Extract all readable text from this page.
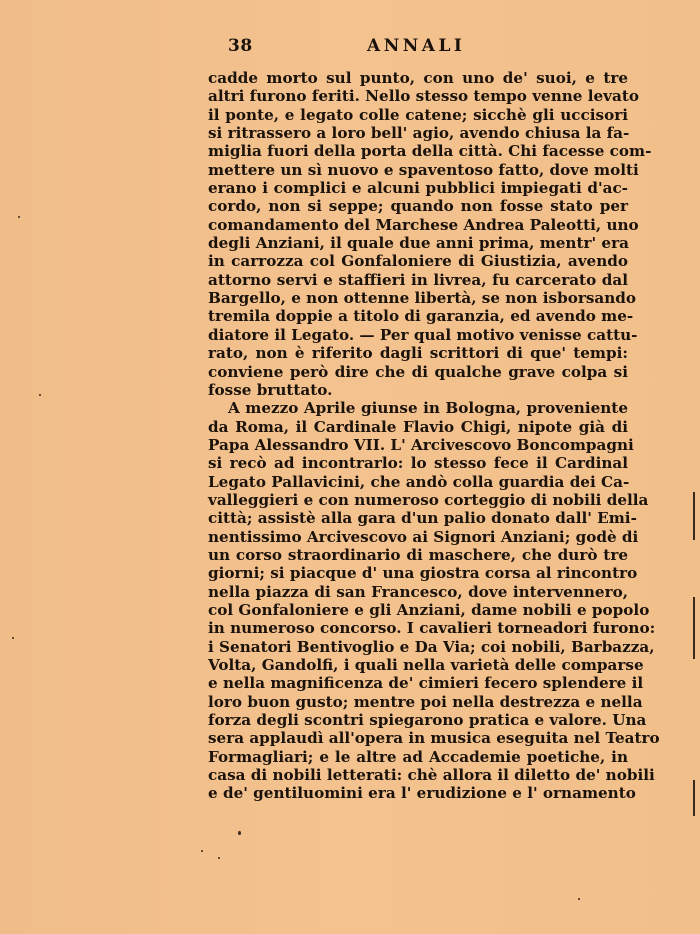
38	ANNALI
cadde morto sul punto, con uno de' suoi, e tre
altri furono feriti. Nello stesso tempo venne levato
il ponte, e legato colle catene; sicchè gli uccisori
si ritrassero a loro bell' agio, avendo chiusa la fa-
miglia fuori della porta della città. Chi facesse com-
mettere un sì nuovo e spaventoso fatto, dove molti
erano i complici e alcuni pubblici impiegati d'ac-
cordo, non si seppe; quando non fosse stato per
comandamento del Marchese Andrea Paleotti, uno
degli Anziani, il quale due anni prima, mentr' era
in carrozza col Gonfaloniere di Giustizia, avendo
attorno servi e staffieri in livrea, fu carcerato dal
Bargello, e non ottenne libertà, se non isborsando
tremila doppie a titolo di garanzia, ed avendo me-
diatore il Legato. — Per qual motivo venisse cattu-
rato, non è riferito dagli scrittori di que' tempi:
conviene però dire che di qualche grave colpa si
fosse bruttato.
A mezzo Aprile giunse in Bologna, proveniente
da Roma, il Cardinale Flavio Chigi, nipote già di
Papa Alessandro VII. L' Arcivescovo Boncompagni
si recò ad incontrarlo: lo stesso fece il Cardinal
Legato Pallavicini, che andò colla guardia dei Ca-
valleggieri e con numeroso corteggio di nobili della
città; assistè alla gara d'un palio donato dall' Emi-
nentissimo Arcivescovo ai Signori Anziani; godè di
un corso straordinario di maschere, che durò tre
giorni; si piacque d' una giostra corsa al rincontro
nella piazza di san Francesco, dove intervennero,
col Gonfaloniere e gli Anziani, dame nobili e popolo
in numeroso concorso. I cavalieri torneadori furono:
i Senatori Bentivoglio e Da Via; coi nobili, Barbazza,
Volta, Gandolfi, i quali nella varietà delle comparse
e nella magnificenza de' cimieri fecero splendere il
loro buon gusto; mentre poi nella destrezza e nella
forza degli scontri spiegarono pratica e valore. Una
sera applaudì all'opera in musica eseguita nel Teatro
Formagliari; e le altre ad Accademie poetiche, in
casa di nobili letterati: chè allora il diletto de' nobili
e de' gentiluomini era l' erudizione e l' ornamento
